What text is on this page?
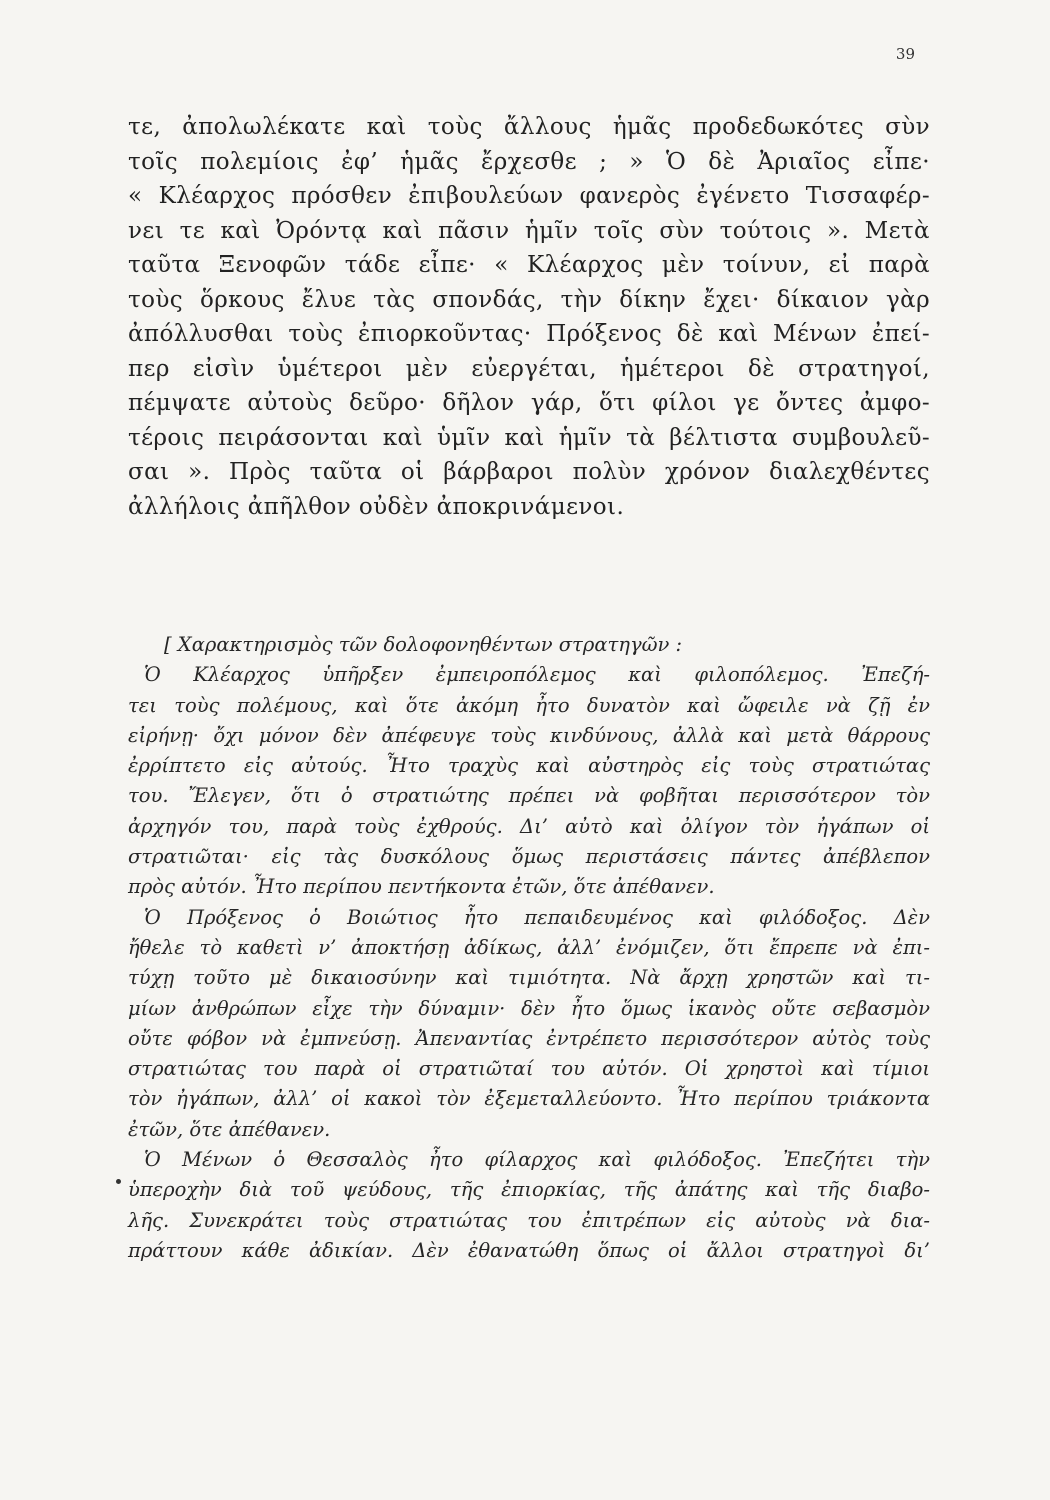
39
τε, ἀπολωλέκατε καὶ τοὺς ἄλλους ἡμᾶς προδεδωκότες σὺν
τοῖς πολεμίοις ἐφ’ ἡμᾶς ἔρχεσθε ; » Ὁ δὲ Ἀριαῖος εἶπε·
« Κλέαρχος πρόσθεν ἐπιβουλεύων φανερὸς ἐγένετο Τισσαφέρ-
νει τε καὶ Ὀρόντᾳ καὶ πᾶσιν ἡμῖν τοῖς σὺν τούτοις ». Μετὰ
ταῦτα Ξενοφῶν τάδε εἶπε· « Κλέαρχος μὲν τοίνυν, εἰ παρὰ
τοὺς ὅρκους ἔλυε τὰς σπονδάς, τὴν δίκην ἔχει· δίκαιον γὰρ
ἀπόλλυσθαι τοὺς ἐπιορκοῦντας· Πρόξενος δὲ καὶ Μένων ἐπεί-
περ εἰσὶν ὑμέτεροι μὲν εὐεργέται, ἡμέτεροι δὲ στρατηγοί,
πέμψατε αὐτοὺς δεῦρο· δῆλον γάρ, ὅτι φίλοι γε ὄντες ἀμφο-
τέροις πειράσονται καὶ ὑμῖν καὶ ἡμῖν τὰ βέλτιστα συμβουλεῦ-
σαι ». Πρὸς ταῦτα οἱ βάρβαροι πολὺν χρόνον διαλεχθέντες
ἀλλήλοις ἀπῆλθον οὐδὲν ἀποκρινάμενοι.
[ Χαρακτηρισμὸς τῶν δολοφονηθέντων στρατηγῶν :
Ὁ Κλέαρχος ὑπῆρξεν ἐμπειροπόλεμος καὶ φιλοπόλεμος. Ἐπεζή-
τει τοὺς πολέμους, καὶ ὅτε ἀκόμη ἦτο δυνατὸν καὶ ὤφειλε νὰ ζῇ ἐν
εἰρήνῃ· ὄχι μόνον δὲν ἀπέφευγε τοὺς κινδύνους, ἀλλὰ καὶ μετὰ θάρρους
ἐρρίπτετο εἰς αὐτούς. Ἦτο τραχὺς καὶ αὐστηρὸς εἰς τοὺς στρατιώτας
του. Ἔλεγεν, ὅτι ὁ στρατιώτης πρέπει νὰ φοβῆται περισσότερον τὸν
ἀρχηγόν του, παρὰ τοὺς ἐχθρούς. Δι’ αὐτὸ καὶ ὀλίγον τὸν ἠγάπων οἱ
στρατιῶται· εἰς τὰς δυσκόλους ὅμως περιστάσεις πάντες ἀπέβλεπον
πρὸς αὐτόν. Ἦτο περίπου πεντήκοντα ἐτῶν, ὅτε ἀπέθανεν.
Ὁ Πρόξενος ὁ Βοιώτιος ἦτο πεπαιδευμένος καὶ φιλόδοξος. Δὲν
ἤθελε τὸ καθετὶ ν’ ἀποκτήσῃ ἀδίκως, ἀλλ’ ἐνόμιζεν, ὅτι ἔπρεπε νὰ ἐπι-
τύχῃ τοῦτο μὲ δικαιοσύνην καὶ τιμιότητα. Νὰ ἄρχῃ χρηστῶν καὶ τι-
μίων ἀνθρώπων εἶχε τὴν δύναμιν· δὲν ἦτο ὅμως ἱκανὸς οὔτε σεβασμὸν
οὔτε φόβον νὰ ἐμπνεύσῃ. Ἀπεναντίας ἐντρέπετο περισσότερον αὐτὸς τοὺς
στρατιώτας του παρὰ οἱ στρατιῶταί του αὐτόν. Οἱ χρηστοὶ καὶ τίμιοι
τὸν ἠγάπων, ἀλλ’ οἱ κακοὶ τὸν ἐξεμεταλλεύοντο. Ἦτο περίπου τριάκοντα
ἐτῶν, ὅτε ἀπέθανεν.
Ὁ Μένων ὁ Θεσσαλὸς ἦτο φίλαρχος καὶ φιλόδοξος. Ἐπεζήτει τὴν
ὑπεροχὴν διὰ τοῦ ψεύδους, τῆς ἐπιορκίας, τῆς ἀπάτης καὶ τῆς διαβο-
λῆς. Συνεκράτει τοὺς στρατιώτας του ἐπιτρέπων εἰς αὐτοὺς νὰ δια-
πράττουν κάθε ἀδικίαν. Δὲν ἐθανατώθη ὅπως οἱ ἄλλοι στρατηγοὶ δι’
